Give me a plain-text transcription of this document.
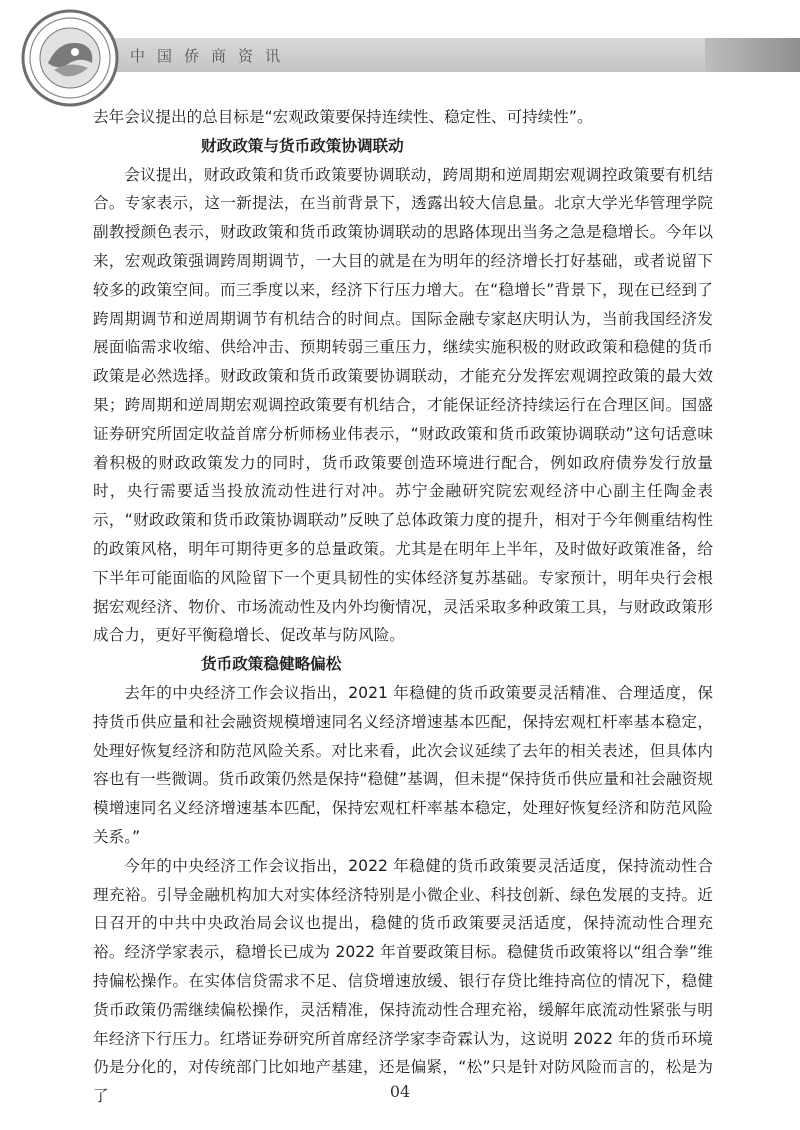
中国侨商资讯

去年会议提出的总目标是“宏观政策要保持连续性、稳定性、可持续性”。

财政政策与货币政策协调联动

会议提出，财政政策和货币政策要协调联动，跨周期和逆周期宏观调控政策要有机结合。专家表示，这一新提法，在当前背景下，透露出较大信息量。北京大学光华管理学院副教授颜色表示，财政政策和货币政策协调联动的思路体现出当务之急是稳增长。今年以来，宏观政策强调跨周期调节，一大目的就是在为明年的经济增长打好基础，或者说留下较多的政策空间。而三季度以来，经济下行压力增大。在“稳增长”背景下，现在已经到了跨周期调节和逆周期调节有机结合的时间点。国际金融专家赵庆明认为，当前我国经济发展面临需求收缩、供给冲击、预期转弱三重压力，继续实施积极的财政政策和稳健的货币政策是必然选择。财政政策和货币政策要协调联动，才能充分发挥宏观调控政策的最大效果；跨周期和逆周期宏观调控政策要有机结合，才能保证经济持续运行在合理区间。国盛证券研究所固定收益首席分析师杨业伟表示，“财政政策和货币政策协调联动”这句话意味着积极的财政政策发力的同时，货币政策要创造环境进行配合，例如政府债券发行放量时，央行需要适当投放流动性进行对冲。苏宁金融研究院宏观经济中心副主任陶金表示，“财政政策和货币政策协调联动”反映了总体政策力度的提升，相对于今年侧重结构性的政策风格，明年可期待更多的总量政策。尤其是在明年上半年，及时做好政策准备，给下半年可能面临的风险留下一个更具韧性的实体经济复苏基础。专家预计，明年央行会根据宏观经济、物价、市场流动性及内外均衡情况，灵活采取多种政策工具，与财政政策形成合力，更好平衡稳增长、促改革与防风险。

货币政策稳健略偏松

去年的中央经济工作会议指出，2021 年稳健的货币政策要灵活精准、合理适度，保持货币供应量和社会融资规模增速同名义经济增速基本匹配，保持宏观杠杆率基本稳定，处理好恢复经济和防范风险关系。对比来看，此次会议延续了去年的相关表述，但具体内容也有一些微调。货币政策仍然是保持“稳健”基调，但未提“保持货币供应量和社会融资规模增速同名义经济增速基本匹配，保持宏观杠杆率基本稳定，处理好恢复经济和防范风险关系。”

今年的中央经济工作会议指出，2022 年稳健的货币政策要灵活适度，保持流动性合理充裕。引导金融机构加大对实体经济特别是小微企业、科技创新、绿色发展的支持。近日召开的中共中央政治局会议也提出，稳健的货币政策要灵活适度，保持流动性合理充裕。经济学家表示，稳增长已成为 2022 年首要政策目标。稳健货币政策将以“组合拳”维持偏松操作。在实体信贷需求不足、信贷增速放缓、银行存贷比维持高位的情况下，稳健货币政策仍需继续偏松操作，灵活精准，保持流动性合理充裕，缓解年底流动性紧张与明年经济下行压力。红塔证券研究所首席经济学家李奇霖认为，这说明 2022 年的货币环境仍是分化的，对传统部门比如地产基建，还是偏紧，“松”只是针对防风险而言的，松是为了	04
